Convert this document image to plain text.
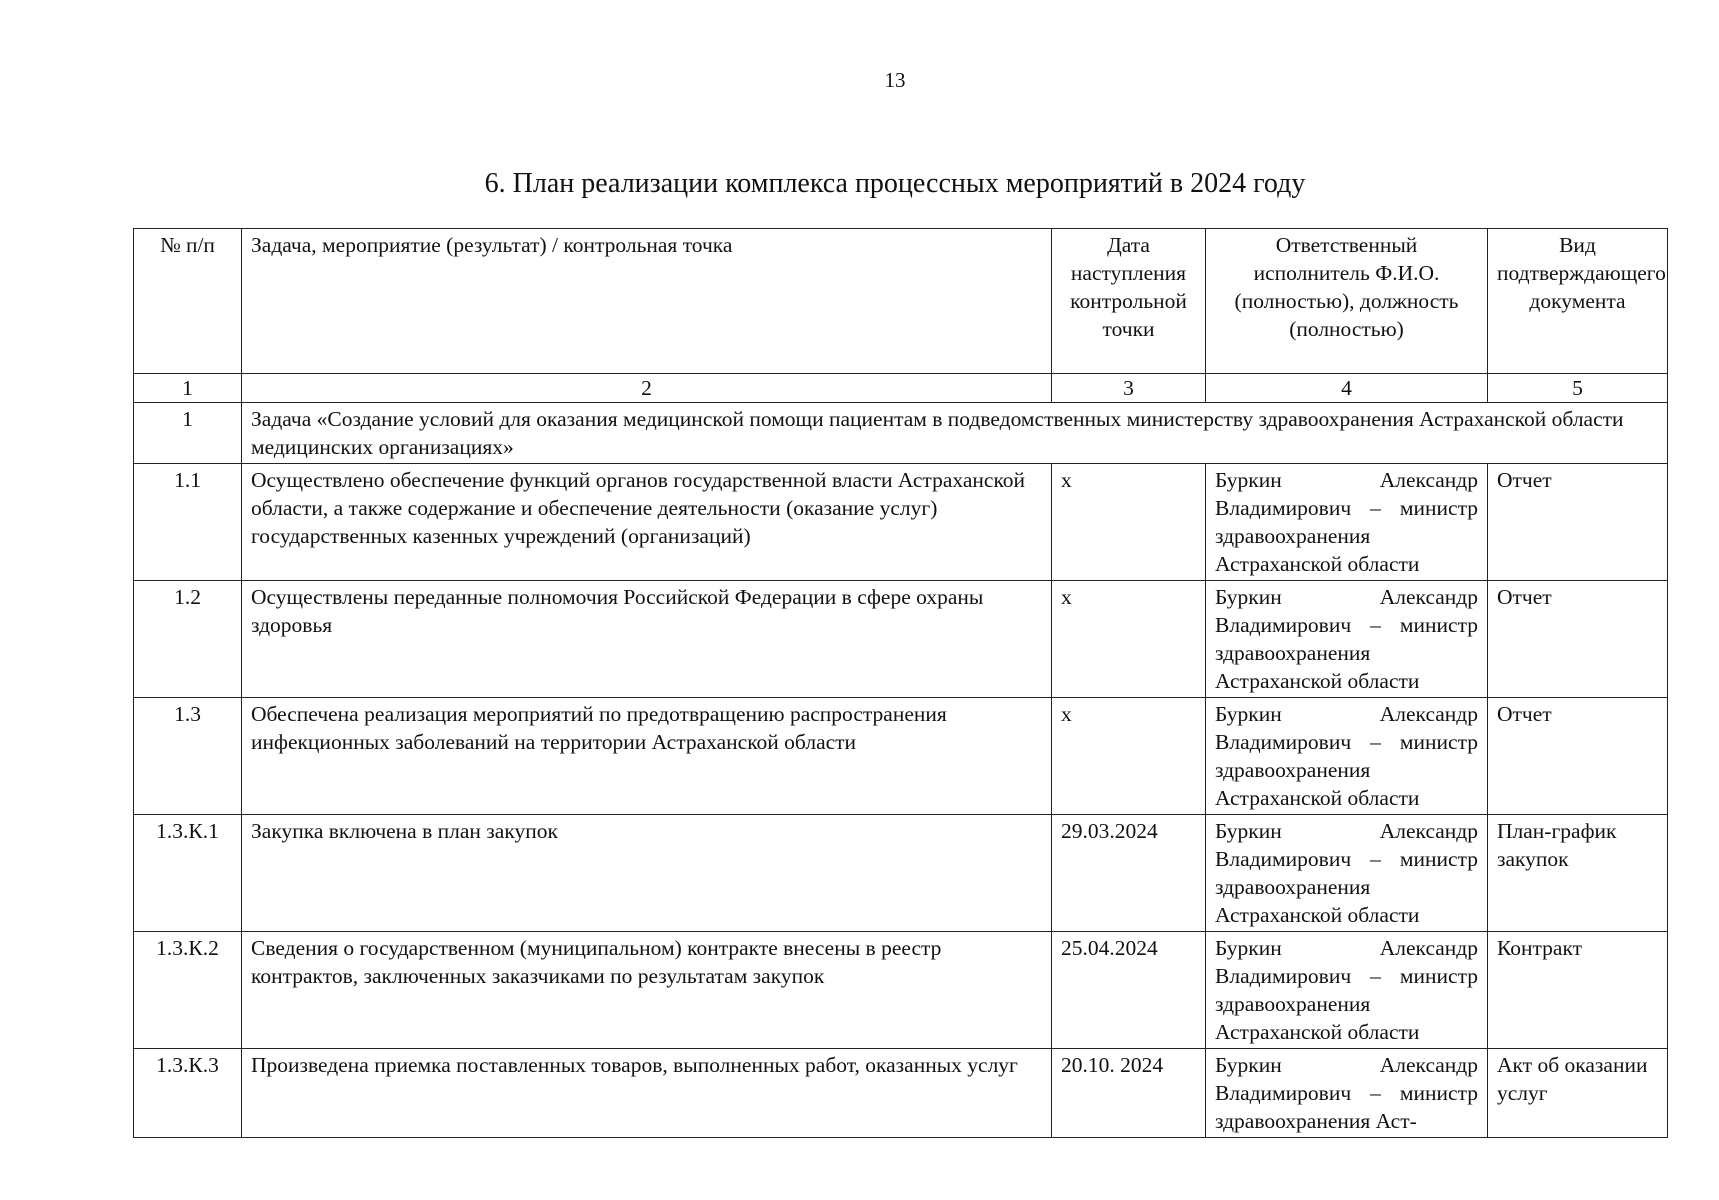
13
6. План реализации комплекса процессных мероприятий в 2024 году
№ п/п	Задача, мероприятие (результат) / контрольная точка	Дата наступления контрольной точки	Ответственный исполнитель Ф.И.О. (полностью), должность (полностью)	Вид подтверждающего документа
1	2	3	4	5
1	Задача «Создание условий для оказания медицинской помощи пациентам в подведомственных министерству здравоохранения Астраханской области медицинских организациях»			
1.1	Осуществлено обеспечение функций органов государственной власти Астраханской области, а также содержание и обеспечение деятельности (оказание услуг) государственных казенных учреждений (организаций)	х	Буркин Александр Владимирович – министр здравоохранения Астраханской области	Отчет
1.2	Осуществлены переданные полномочия Российской Федерации в сфере охраны здоровья	х	Буркин Александр Владимирович – министр здравоохранения Астраханской области	Отчет
1.3	Обеспечена реализация мероприятий по предотвращению распространения инфекционных заболеваний на территории Астраханской области	х	Буркин Александр Владимирович – министр здравоохранения Астраханской области	Отчет
1.3.К.1	Закупка включена в план закупок	29.03.2024	Буркин Александр Владимирович – министр здравоохранения Астраханской области	План-график закупок
1.3.К.2	Сведения о государственном (муниципальном) контракте внесены в реестр контрактов, заключенных заказчиками по результатам закупок	25.04.2024	Буркин Александр Владимирович – министр здравоохранения Астраханской области	Контракт
1.3.К.3	Произведена приемка поставленных товаров, выполненных работ, оказанных услуг	20.10. 2024	Буркин Александр Владимирович – министр здравоохранения Аст-	Акт об оказании услуг
